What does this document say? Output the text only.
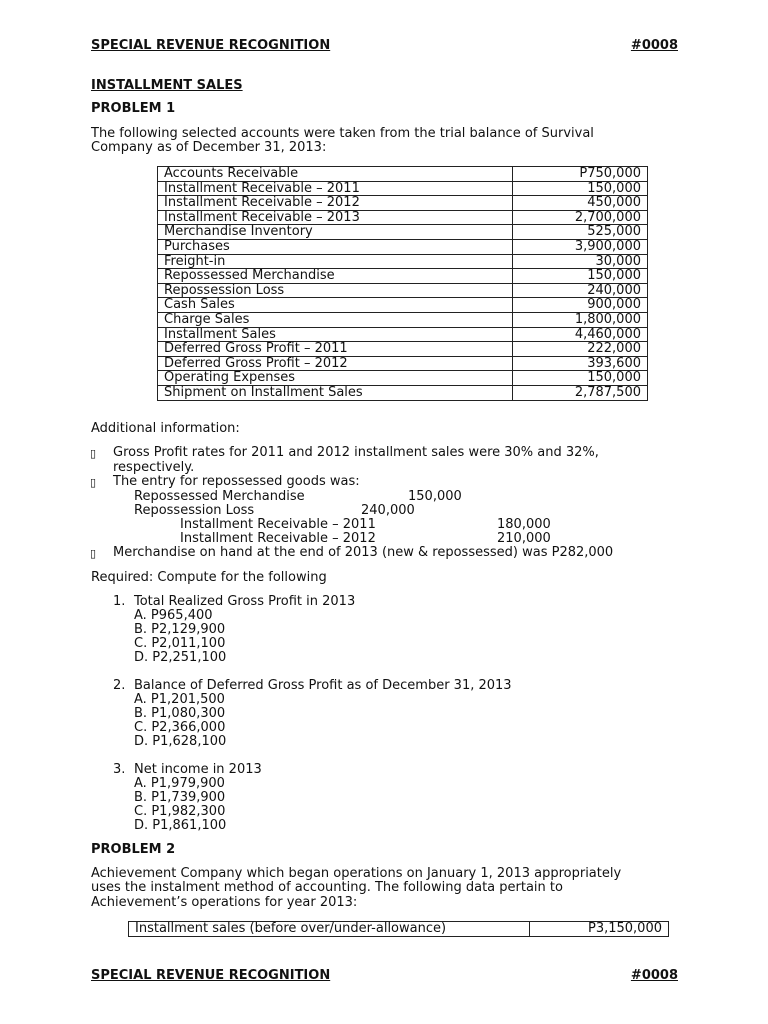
SPECIAL REVENUE RECOGNITION	#0008
INSTALLMENT SALES
PROBLEM 1
The following selected accounts were taken from the trial balance of Survival
Company as of December 31, 2013:
Accounts Receivable	P750,000
Installment Receivable – 2011	150,000
Installment Receivable – 2012	450,000
Installment Receivable – 2013	2,700,000
Merchandise Inventory	525,000
Purchases	3,900,000
Freight-in	30,000
Repossessed Merchandise	150,000
Repossession Loss	240,000
Cash Sales	900,000
Charge Sales	1,800,000
Installment Sales	4,460,000
Deferred Gross Profit – 2011	222,000
Deferred Gross Profit – 2012	393,600
Operating Expenses	150,000
Shipment on Installment Sales	2,787,500
Additional information:
▯ Gross Profit rates for 2011 and 2012 installment sales were 30% and 32%,
respectively.
▯ The entry for repossessed goods was:
Repossessed Merchandise	150,000
Repossession Loss	240,000
Installment Receivable – 2011	180,000
Installment Receivable – 2012	210,000
▯ Merchandise on hand at the end of 2013 (new & repossessed) was P282,000
Required: Compute for the following
1. Total Realized Gross Profit in 2013
A. P965,400
B. P2,129,900
C. P2,011,100
D. P2,251,100
2. Balance of Deferred Gross Profit as of December 31, 2013
A. P1,201,500
B. P1,080,300
C. P2,366,000
D. P1,628,100
3. Net income in 2013
A. P1,979,900
B. P1,739,900
C. P1,982,300
D. P1,861,100
PROBLEM 2
Achievement Company which began operations on January 1, 2013 appropriately
uses the instalment method of accounting. The following data pertain to
Achievement’s operations for year 2013:
Installment sales (before over/under-allowance)	P3,150,000
SPECIAL REVENUE RECOGNITION	#0008
